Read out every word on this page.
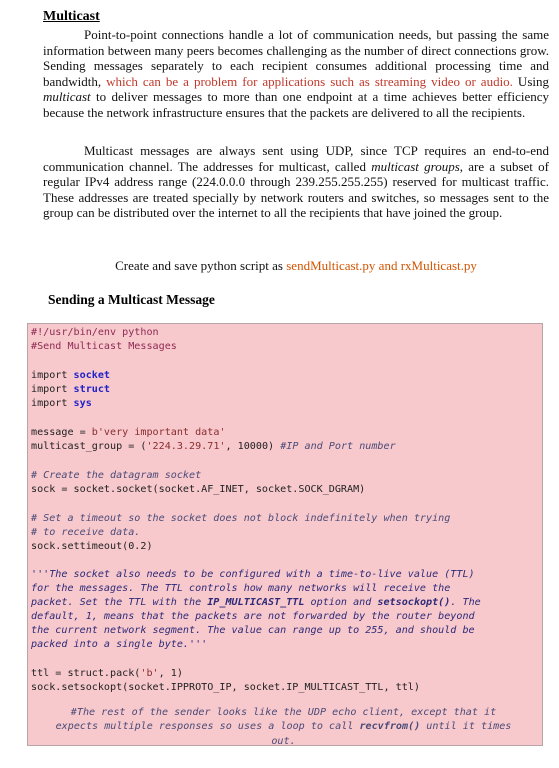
Multicast

Point-to-point connections handle a lot of communication needs, but passing the same information between many peers becomes challenging as the number of direct connections grow. Sending messages separately to each recipient consumes additional processing time and bandwidth, which can be a problem for applications such as streaming video or audio. Using multicast to deliver messages to more than one endpoint at a time achieves better efficiency because the network infrastructure ensures that the packets are delivered to all the recipients.

Multicast messages are always sent using UDP, since TCP requires an end-to-end communication channel. The addresses for multicast, called multicast groups, are a subset of regular IPv4 address range (224.0.0.0 through 239.255.255.255) reserved for multicast traffic. These addresses are treated specially by network routers and switches, so messages sent to the group can be distributed over the internet to all the recipients that have joined the group.

Create and save python script as sendMulticast.py and rxMulticast.py
Sending a Multicast Message
#!/usr/bin/env python
#Send Multicast Messages
import socket
import struct
import sys
message = b'very important data'
multicast_group = ('224.3.29.71', 10000) #IP and Port number
# Create the datagram socket
sock = socket.socket(socket.AF_INET, socket.SOCK_DGRAM)
# Set a timeout so the socket does not block indefinitely when trying
# to receive data.
sock.settimeout(0.2)
'''The socket also needs to be configured with a time-to-live value (TTL)
for the messages. The TTL controls how many networks will receive the
packet. Set the TTL with the IP_MULTICAST_TTL option and setsockopt(). The
default, 1, means that the packets are not forwarded by the router beyond
the current network segment. The value can range up to 255, and should be
packed into a single byte.'''
ttl = struct.pack('b', 1)
sock.setsockopt(socket.IPPROTO_IP, socket.IP_MULTICAST_TTL, ttl)
#The rest of the sender looks like the UDP echo client, except that it
expects multiple responses so uses a loop to call recvfrom() until it times
out.
